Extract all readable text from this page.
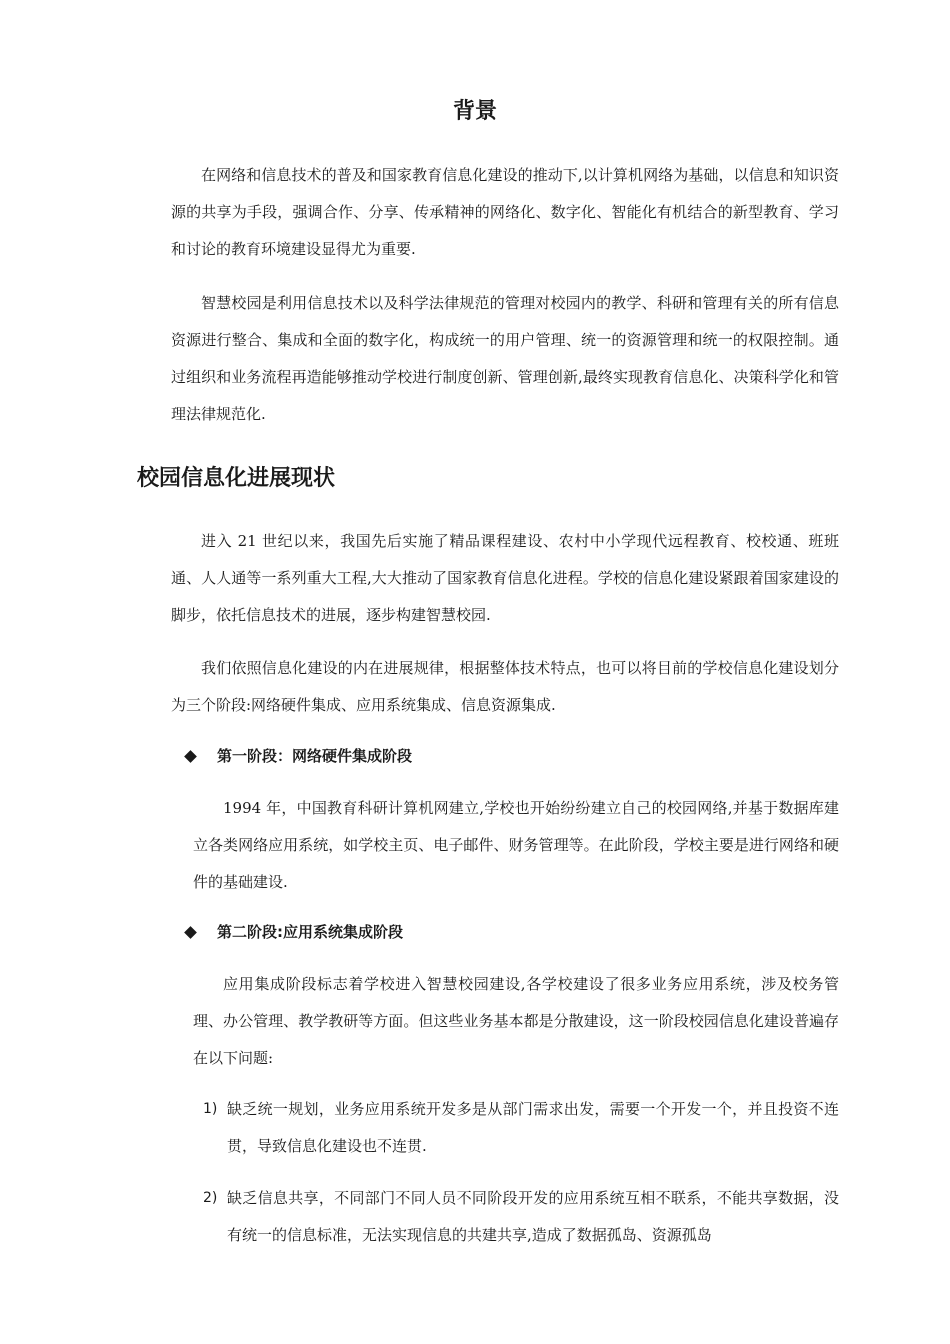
背景

在网络和信息技术的普及和国家教育信息化建设的推动下,以计算机网络为基础，以信息和知识资源的共享为手段，强调合作、分享、传承精神的网络化、数字化、智能化有机结合的新型教育、学习和讨论的教育环境建设显得尤为重要.

智慧校园是利用信息技术以及科学法律规范的管理对校园内的教学、科研和管理有关的所有信息资源进行整合、集成和全面的数字化，构成统一的用户管理、统一的资源管理和统一的权限控制。通过组织和业务流程再造能够推动学校进行制度创新、管理创新,最终实现教育信息化、决策科学化和管理法律规范化.

校园信息化进展现状

进入 21 世纪以来，我国先后实施了精品课程建设、农村中小学现代远程教育、校校通、班班通、人人通等一系列重大工程,大大推动了国家教育信息化进程。学校的信息化建设紧跟着国家建设的脚步，依托信息技术的进展，逐步构建智慧校园.

我们依照信息化建设的内在进展规律，根据整体技术特点，也可以将目前的学校信息化建设划分为三个阶段:网络硬件集成、应用系统集成、信息资源集成.

第一阶段：网络硬件集成阶段

1994 年，中国教育科研计算机网建立,学校也开始纷纷建立自己的校园网络,并基于数据库建立各类网络应用系统，如学校主页、电子邮件、财务管理等。在此阶段，学校主要是进行网络和硬件的基础建设.

第二阶段:应用系统集成阶段

应用集成阶段标志着学校进入智慧校园建设,各学校建设了很多业务应用系统，涉及校务管理、办公管理、教学教研等方面。但这些业务基本都是分散建设，这一阶段校园信息化建设普遍存在以下问题:

1) 缺乏统一规划，业务应用系统开发多是从部门需求出发，需要一个开发一个，并且投资不连贯，导致信息化建设也不连贯.
2) 缺乏信息共享，不同部门不同人员不同阶段开发的应用系统互相不联系，不能共享数据，没有统一的信息标准，无法实现信息的共建共享,造成了数据孤岛、资源孤岛
